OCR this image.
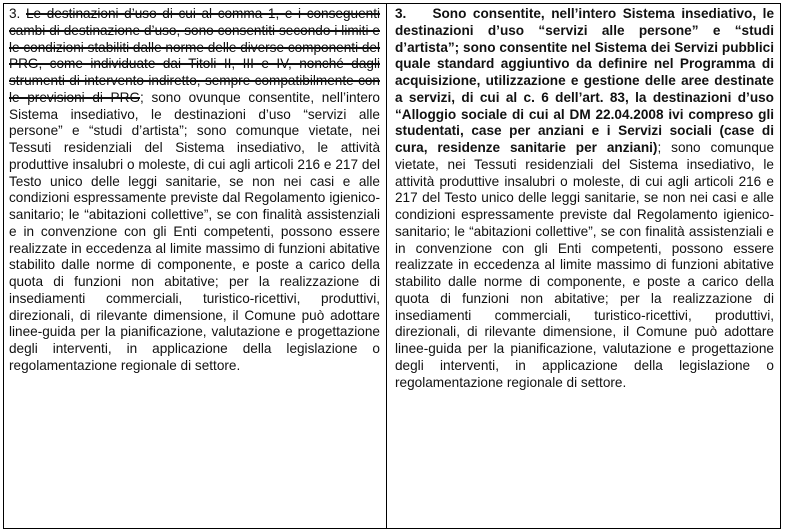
3. Le destinazioni d’uso di cui al comma 1, e i conseguenti cambi di destinazione d’uso, sono consentiti secondo i limiti e le condizioni stabiliti dalle norme delle diverse componenti del PRG, come individuate dai Titoli II, III e IV, nonché dagli strumenti di intervento indiretto, sempre compatibilmente con le previsioni di PRG; sono ovunque consentite, nell’intero Sistema insediativo, le destinazioni d’uso “servizi alle persone” e “studi d’artista”; sono comunque vietate, nei Tessuti residenziali del Sistema insediativo, le attività produttive insalubri o moleste, di cui agli articoli 216 e 217 del Testo unico delle leggi sanitarie, se non nei casi e alle condizioni espressamente previste dal Regolamento igienico-sanitario; le “abitazioni collettive”, se con finalità assistenziali e in convenzione con gli Enti competenti, possono essere realizzate in eccedenza al limite massimo di funzioni abitative stabilito dalle norme di componente, e poste a carico della quota di funzioni non abitative; per la realizzazione di insediamenti commerciali, turistico-ricettivi, produttivi, direzionali, di rilevante dimensione, il Comune può adottare linee-guida per la pianificazione, valutazione e progettazione degli interventi, in applicazione della legislazione o regolamentazione regionale di settore.

3. Sono consentite, nell’intero Sistema insediativo, le destinazioni d’uso “servizi alle persone” e “studi d’artista”; sono consentite nel Sistema dei Servizi pubblici quale standard aggiuntivo da definire nel Programma di acquisizione, utilizzazione e gestione delle aree destinate a servizi, di cui al c. 6 dell’art. 83, la destinazioni d’uso “Alloggio sociale di cui al DM 22.04.2008 ivi compreso gli studentati, case per anziani e i Servizi sociali (case di cura, residenze sanitarie per anziani); sono comunque vietate, nei Tessuti residenziali del Sistema insediativo, le attività produttive insalubri o moleste, di cui agli articoli 216 e 217 del Testo unico delle leggi sanitarie, se non nei casi e alle condizioni espressamente previste dal Regolamento igienico-sanitario; le “abitazioni collettive”, se con finalità assistenziali e in convenzione con gli Enti competenti, possono essere realizzate in eccedenza al limite massimo di funzioni abitative stabilito dalle norme di componente, e poste a carico della quota di funzioni non abitative; per la realizzazione di insediamenti commerciali, turistico-ricettivi, produttivi, direzionali, di rilevante dimensione, il Comune può adottare linee-guida per la pianificazione, valutazione e progettazione degli interventi, in applicazione della legislazione o regolamentazione regionale di settore.
